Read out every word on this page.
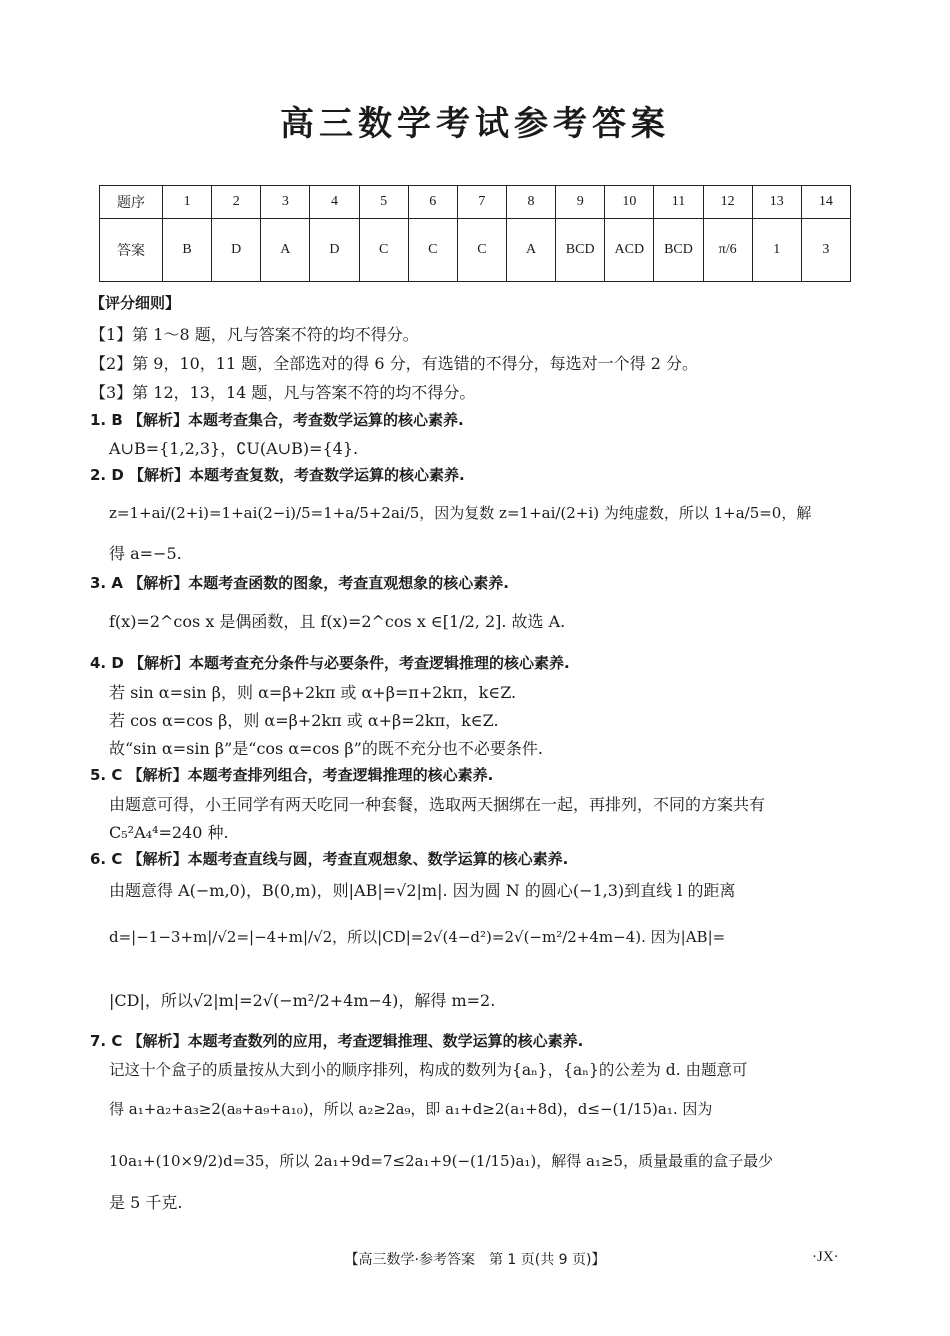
高三数学考试参考答案
题序	1	2	3	4	5	6	7	8	9	10	11	12	13	14
答案	B	D	A	D	C	C	C	A	BCD	ACD	BCD	π/6	1	3
【评分细则】
【1】第 1～8 题，凡与答案不符的均不得分。
【2】第 9，10，11 题，全部选对的得 6 分，有选错的不得分，每选对一个得 2 分。
【3】第 12，13，14 题，凡与答案不符的均不得分。
1. B 【解析】本题考查集合，考查数学运算的核心素养.
A∪B={1,2,3}，∁U(A∪B)={4}.
2. D 【解析】本题考查复数，考查数学运算的核心素养.
z=1+ai/(2+i)=1+ai(2−i)/5=1+a/5+2ai/5，因为复数 z=1+ai/(2+i) 为纯虚数，所以 1+a/5=0，解
得 a=−5.
3. A 【解析】本题考查函数的图象，考查直观想象的核心素养.
f(x)=2^cos x 是偶函数，且 f(x)=2^cos x ∈[1/2, 2]. 故选 A.
4. D 【解析】本题考查充分条件与必要条件，考查逻辑推理的核心素养.
若 sin α=sin β，则 α=β+2kπ 或 α+β=π+2kπ，k∈Z.
若 cos α=cos β，则 α=β+2kπ 或 α+β=2kπ，k∈Z.
故“sin α=sin β”是“cos α=cos β”的既不充分也不必要条件.
5. C 【解析】本题考查排列组合，考查逻辑推理的核心素养.
由题意可得，小王同学有两天吃同一种套餐，选取两天捆绑在一起，再排列，不同的方案共有
C₅²A₄⁴=240 种.
6. C 【解析】本题考查直线与圆，考查直观想象、数学运算的核心素养.
由题意得 A(−m,0)，B(0,m)，则|AB|=√2|m|. 因为圆 N 的圆心(−1,3)到直线 l 的距离
d=|−1−3+m|/√2=|−4+m|/√2，所以|CD|=2√(4−d²)=2√(−m²/2+4m−4). 因为|AB|=
|CD|，所以√2|m|=2√(−m²/2+4m−4)，解得 m=2.
7. C 【解析】本题考查数列的应用，考查逻辑推理、数学运算的核心素养.
记这十个盒子的质量按从大到小的顺序排列，构成的数列为{aₙ}，{aₙ}的公差为 d. 由题意可
得 a₁+a₂+a₃≥2(a₈+a₉+a₁₀)，所以 a₂≥2a₉，即 a₁+d≥2(a₁+8d)，d≤−(1/15)a₁. 因为
10a₁+(10×9/2)d=35，所以 2a₁+9d=7≤2a₁+9(−(1/15)a₁)，解得 a₁≥5，质量最重的盒子最少
是 5 千克.
【高三数学·参考答案　第 1 页(共 9 页)】	·JX·
